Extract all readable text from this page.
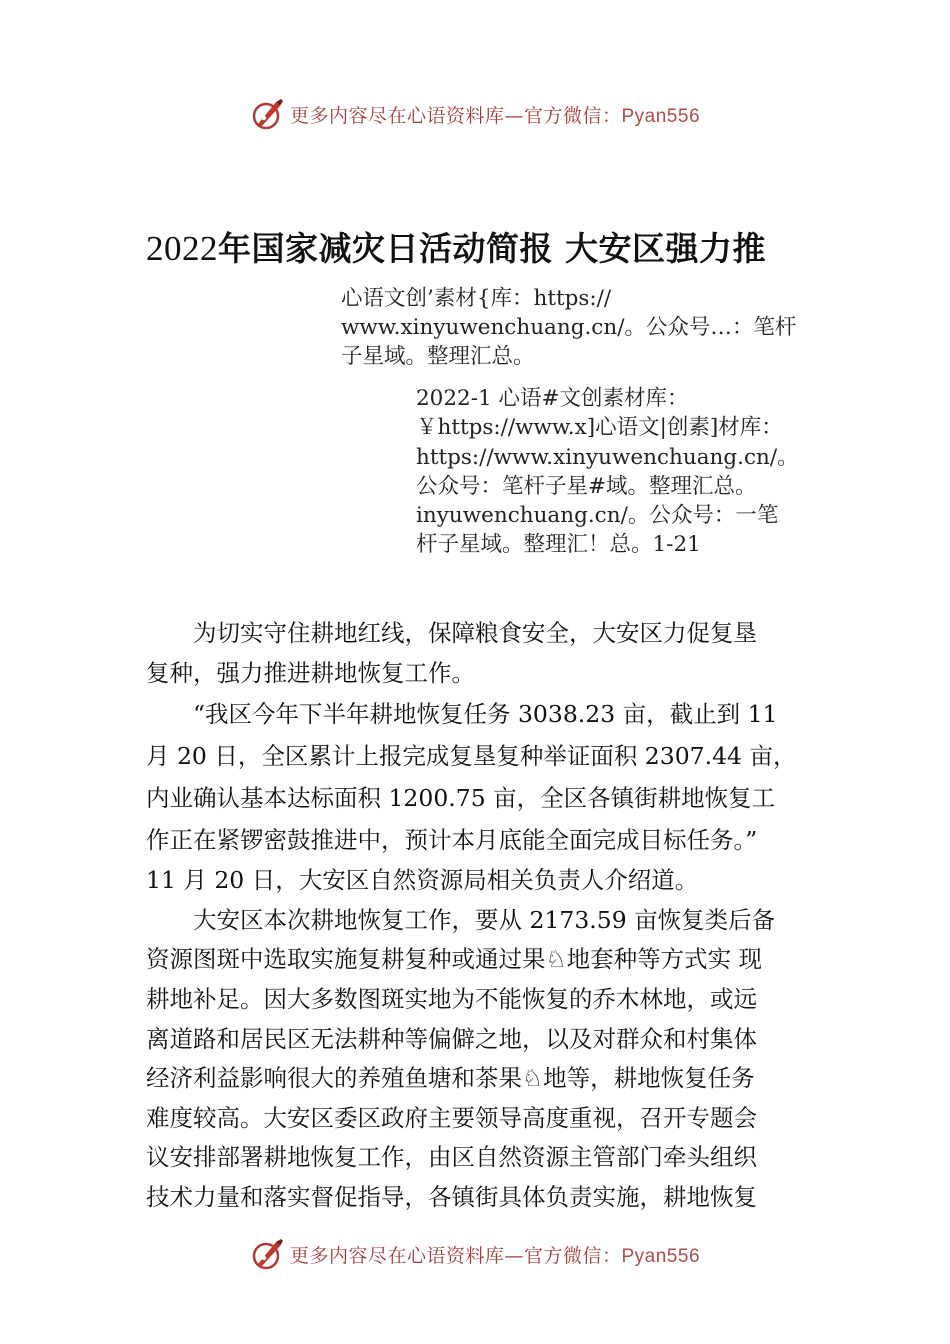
更多内容尽在心语资料库—官方微信：Pyan556
2022年国家减灾日活动简报 大安区强力推
心语文创’素材{库：https://
www.xinyuwenchuang.cn/。公众号…：笔杆
子星域。整理汇总。
2022-1 心语#文创素材库：
￥https://www.x]心语文|创素]材库：
https://www.xinyuwenchuang.cn/。
公众号：笔杆子星#域。整理汇总。
inyuwenchuang.cn/。公众号：一笔
杆子星域。整理汇！总。1-21
　　为切实守住耕地红线，保障粮食安全，大安区力促复垦
复种，强力推进耕地恢复工作。
　　“我区今年下半年耕地恢复任务 3038.23 亩，截止到 11
月 20 日，全区累计上报完成复垦复种举证面积 2307.44 亩，
内业确认基本达标面积 1200.75 亩，全区各镇街耕地恢复工
作正在紧锣密鼓推进中，预计本月底能全面完成目标任务。”
11 月 20 日，大安区自然资源局相关负责人介绍道。
　　大安区本次耕地恢复工作，要从 2173.59 亩恢复类后备
资源图斑中选取实施复耕复种或通过果♘地套种等方式实 现
耕地补足。因大多数图斑实地为不能恢复的乔木林地，或远
离道路和居民区无法耕种等偏僻之地，以及对群众和村集体
经济利益影响很大的养殖鱼塘和茶果♘地等，耕地恢复任务
难度较高。大安区委区政府主要领导高度重视，召开专题会
议安排部署耕地恢复工作，由区自然资源主管部门牵头组织
技术力量和落实督促指导，各镇街具体负责实施，耕地恢复
更多内容尽在心语资料库—官方微信：Pyan556
